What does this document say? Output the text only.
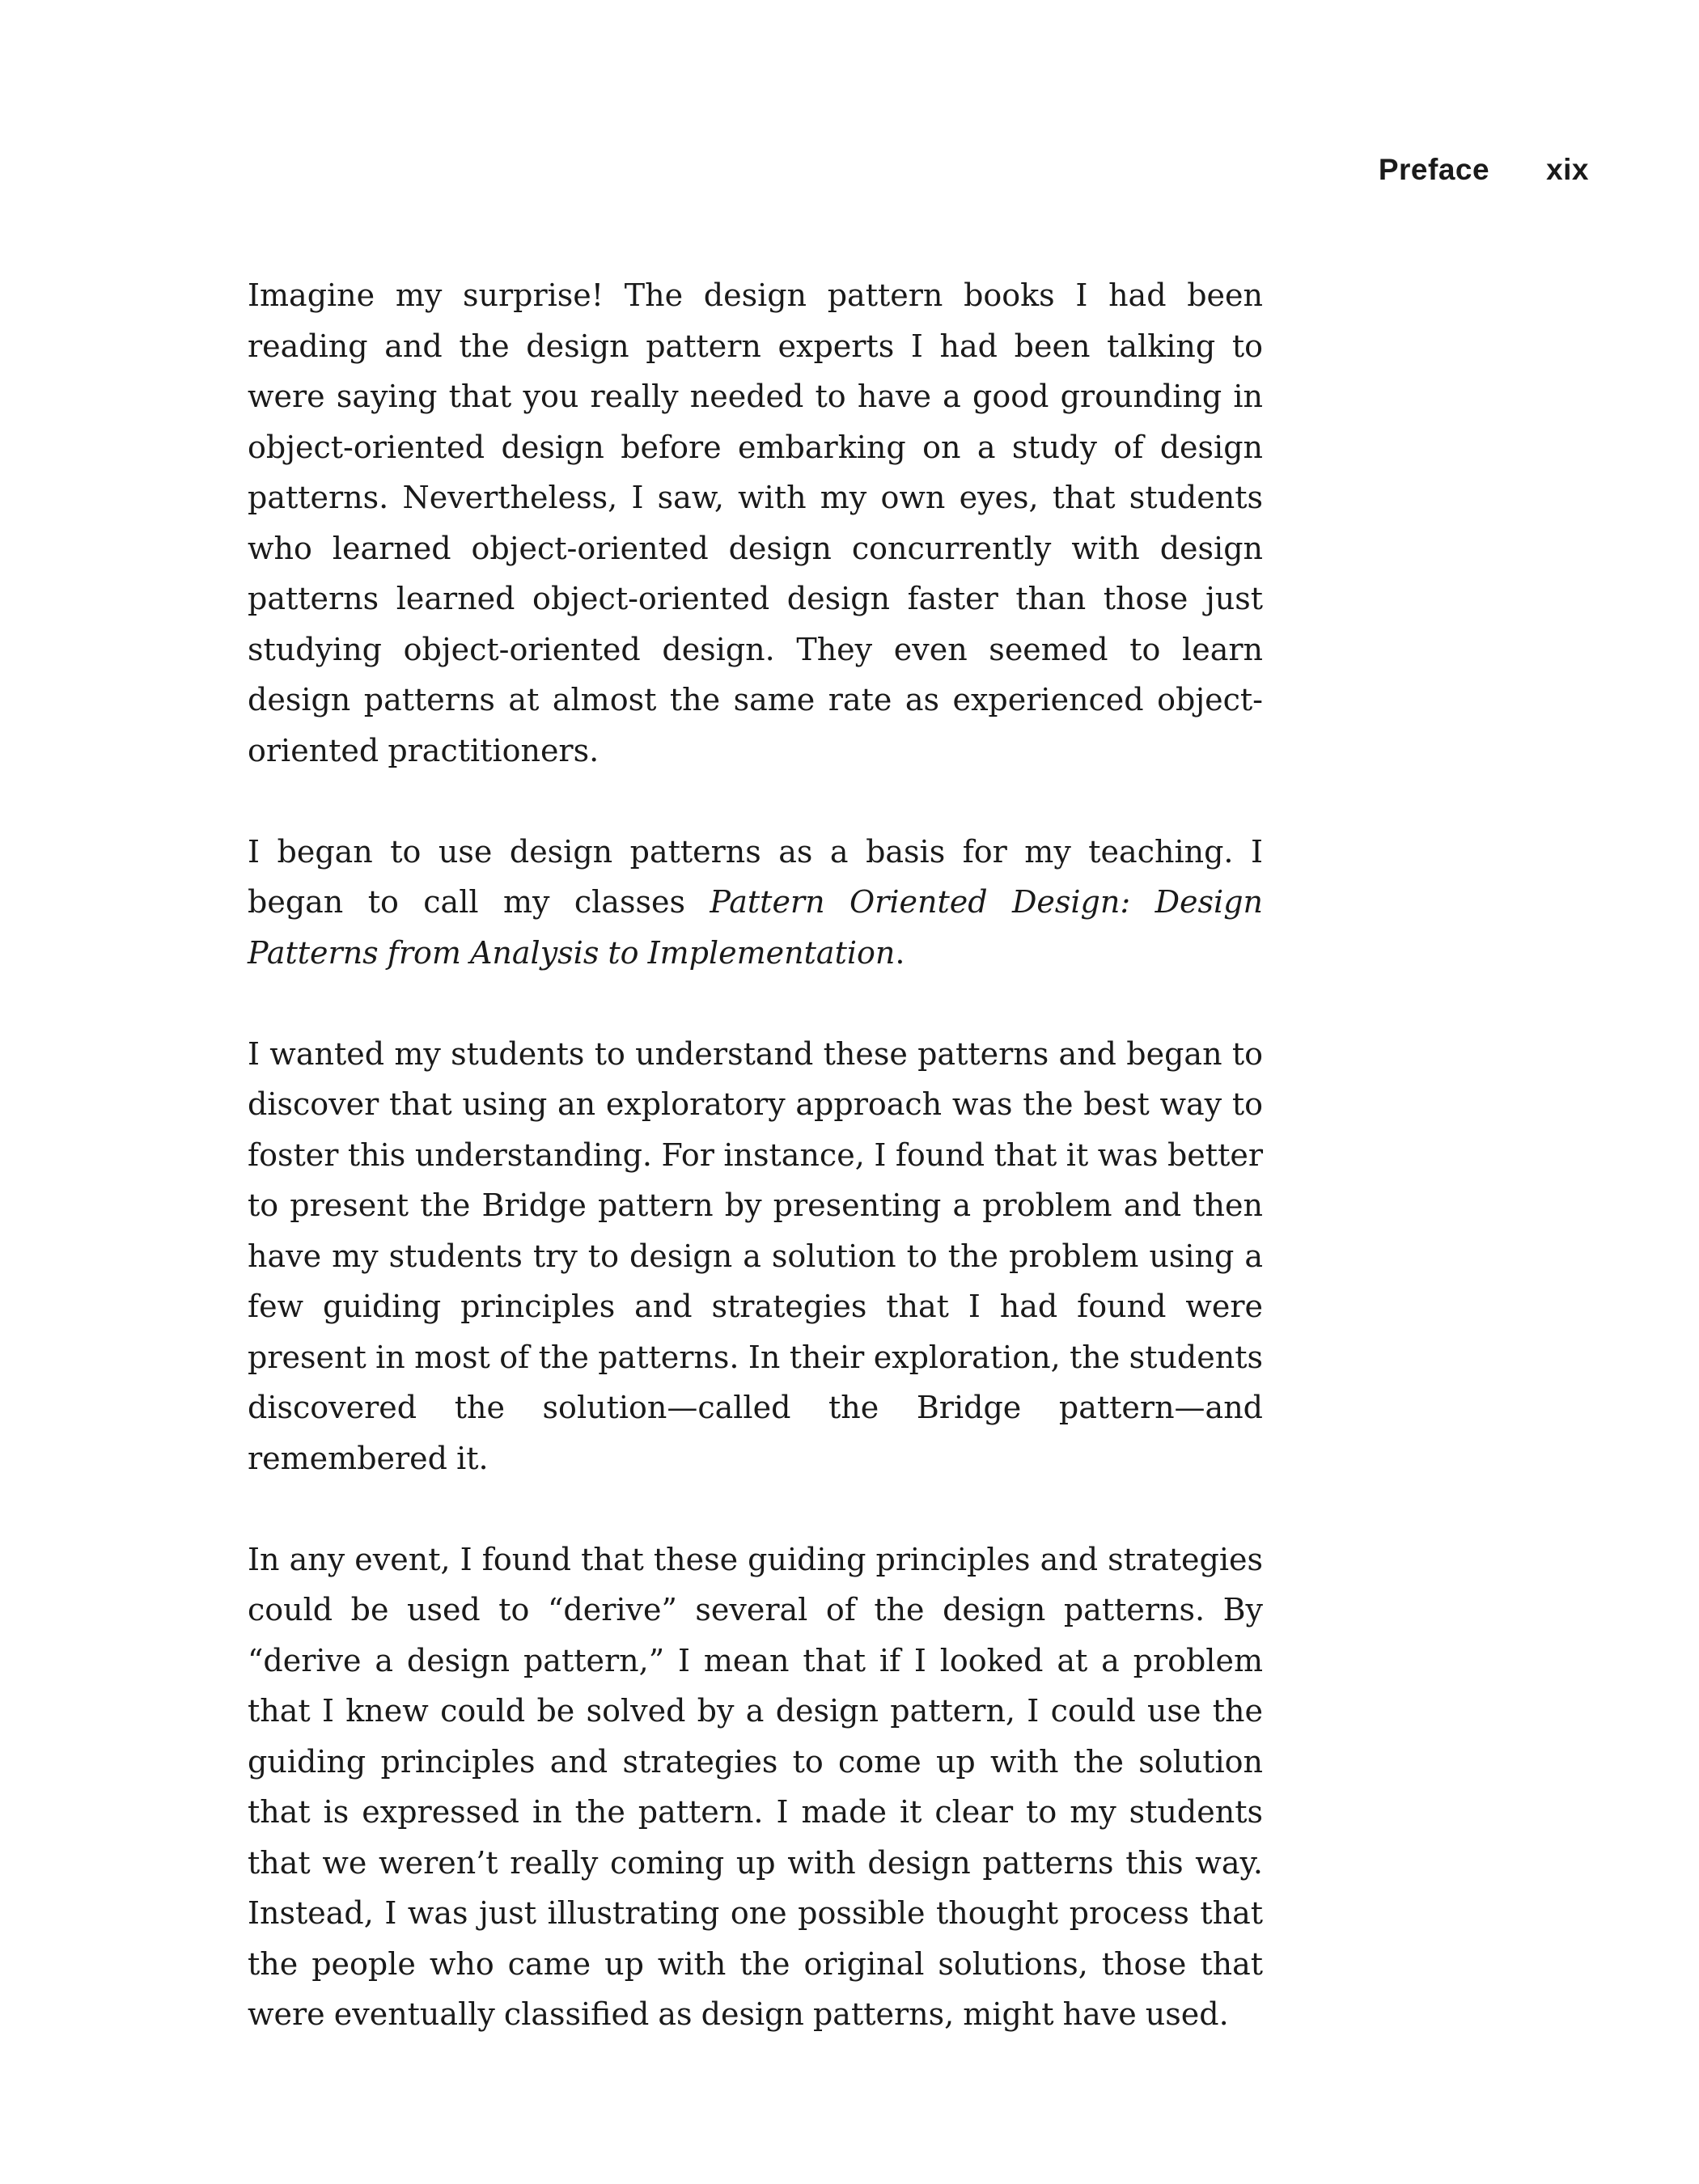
Preface xix

Imagine my surprise! The design pattern books I had been reading and the design pattern experts I had been talking to were saying that you really needed to have a good grounding in object-oriented design before embarking on a study of design patterns. Nevertheless, I saw, with my own eyes, that students who learned object-oriented design concurrently with design patterns learned object-oriented design faster than those just studying object-oriented design. They even seemed to learn design patterns at almost the same rate as experienced object-oriented practitioners.

I began to use design patterns as a basis for my teaching. I began to call my classes Pattern Oriented Design: Design Patterns from Analysis to Implementation.

I wanted my students to understand these patterns and began to discover that using an exploratory approach was the best way to foster this understanding. For instance, I found that it was better to present the Bridge pattern by presenting a problem and then have my students try to design a solution to the problem using a few guiding principles and strategies that I had found were present in most of the patterns. In their exploration, the students discovered the solution—called the Bridge pattern—and remembered it.

In any event, I found that these guiding principles and strategies could be used to “derive” several of the design patterns. By “derive a design pattern,” I mean that if I looked at a problem that I knew could be solved by a design pattern, I could use the guiding principles and strategies to come up with the solution that is expressed in the pattern. I made it clear to my students that we weren’t really coming up with design patterns this way. Instead, I was just illustrating one possible thought process that the people who came up with the original solutions, those that were eventually classified as design patterns, might have used.
